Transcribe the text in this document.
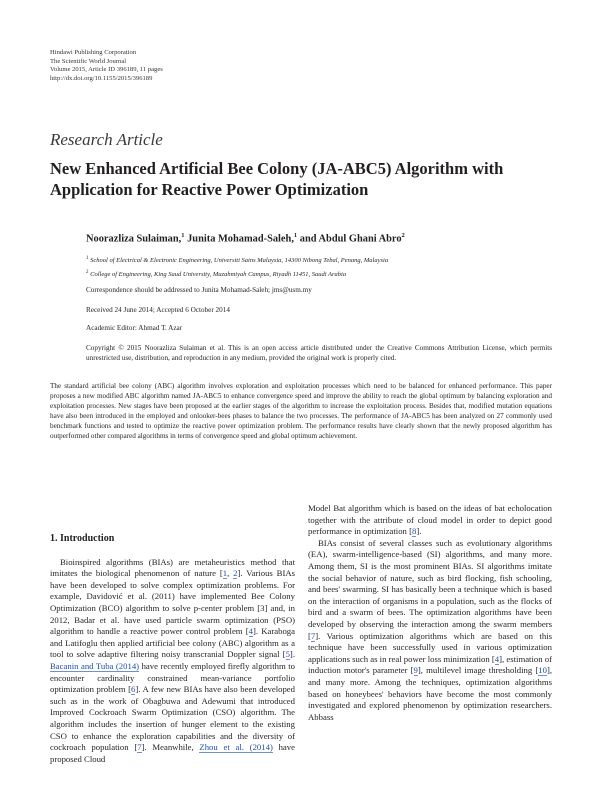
Hindawi Publishing Corporation
The Scientific World Journal
Volume 2015, Article ID 396189, 11 pages
http://dx.doi.org/10.1155/2015/396189
Research Article
New Enhanced Artificial Bee Colony (JA-ABC5) Algorithm with Application for Reactive Power Optimization
Noorazliza Sulaiman,$^1$ Junita Mohamad-Saleh,$^1$ and Abdul Ghani Abro$^2$
$^1$ School of Electrical & Electronic Engineering, Universiti Sains Malaysia, 14300 Nibong Tebal, Penang, Malaysia
$^2$ College of Engineering, King Saud University, Muzahmiyah Campus, Riyadh 11451, Saudi Arabia
Correspondence should be addressed to Junita Mohamad-Saleh; jms@usm.my
Received 24 June 2014; Accepted 6 October 2014
Academic Editor: Ahmad T. Azar
Copyright © 2015 Noorazliza Sulaiman et al. This is an open access article distributed under the Creative Commons Attribution License, which permits unrestricted use, distribution, and reproduction in any medium, provided the original work is properly cited.
The standard artificial bee colony (ABC) algorithm involves exploration and exploitation processes which need to be balanced for enhanced performance. This paper proposes a new modified ABC algorithm named JA-ABC5 to enhance convergence speed and improve the ability to reach the global optimum by balancing exploration and exploitation processes. New stages have been proposed at the earlier stages of the algorithm to increase the exploitation process. Besides that, modified mutation equations have also been introduced in the employed and onlooker-bees phases to balance the two processes. The performance of JA-ABC5 has been analyzed on 27 commonly used benchmark functions and tested to optimize the reactive power optimization problem. The performance results have clearly shown that the newly proposed algorithm has outperformed other compared algorithms in terms of convergence speed and global optimum achievement.
1. Introduction

Bioinspired algorithms (BIAs) are metaheuristics method that imitates the biological phenomenon of nature [1, 2]. Various BIAs have been developed to solve complex optimization problems. For example, Davidović et al. (2011) have implemented Bee Colony Optimization (BCO) algorithm to solve p-center problem [3] and, in 2012, Badar et al. have used particle swarm optimization (PSO) algorithm to handle a reactive power control problem [4]. Karaboga and Latifoglu then applied artificial bee colony (ABC) algorithm as a tool to solve adaptive filtering noisy transcranial Doppler signal [5]. Bacanin and Tuba (2014) have recently employed firefly algorithm to encounter cardinality constrained mean-variance portfolio optimization problem [6]. A few new BIAs have also been developed such as in the work of Obagbuwa and Adewumi that introduced Improved Cockroach Swarm Optimization (CSO) algorithm. The algorithm includes the insertion of hunger element to the existing CSO to enhance the exploration capabilities and the diversity of cockroach population [7]. Meanwhile, Zhou et al. (2014) have proposed Cloud

Model Bat algorithm which is based on the ideas of bat echolocation together with the attribute of cloud model in order to depict good performance in optimization [8].

BIAs consist of several classes such as evolutionary algorithms (EA), swarm-intelligence-based (SI) algorithms, and many more. Among them, SI is the most prominent BIAs. SI algorithms imitate the social behavior of nature, such as bird flocking, fish schooling, and bees' swarming. SI has basically been a technique which is based on the interaction of organisms in a population, such as the flocks of bird and a swarm of bees. The optimization algorithms have been developed by observing the interaction among the swarm members [7]. Various optimization algorithms which are based on this technique have been successfully used in various optimization applications such as in real power loss minimization [4], estimation of induction motor's parameter [9], multilevel image thresholding [10], and many more. Among the techniques, optimization algorithms based on honeybees' behaviors have become the most commonly investigated and explored phenomenon by optimization researchers. Abbass
